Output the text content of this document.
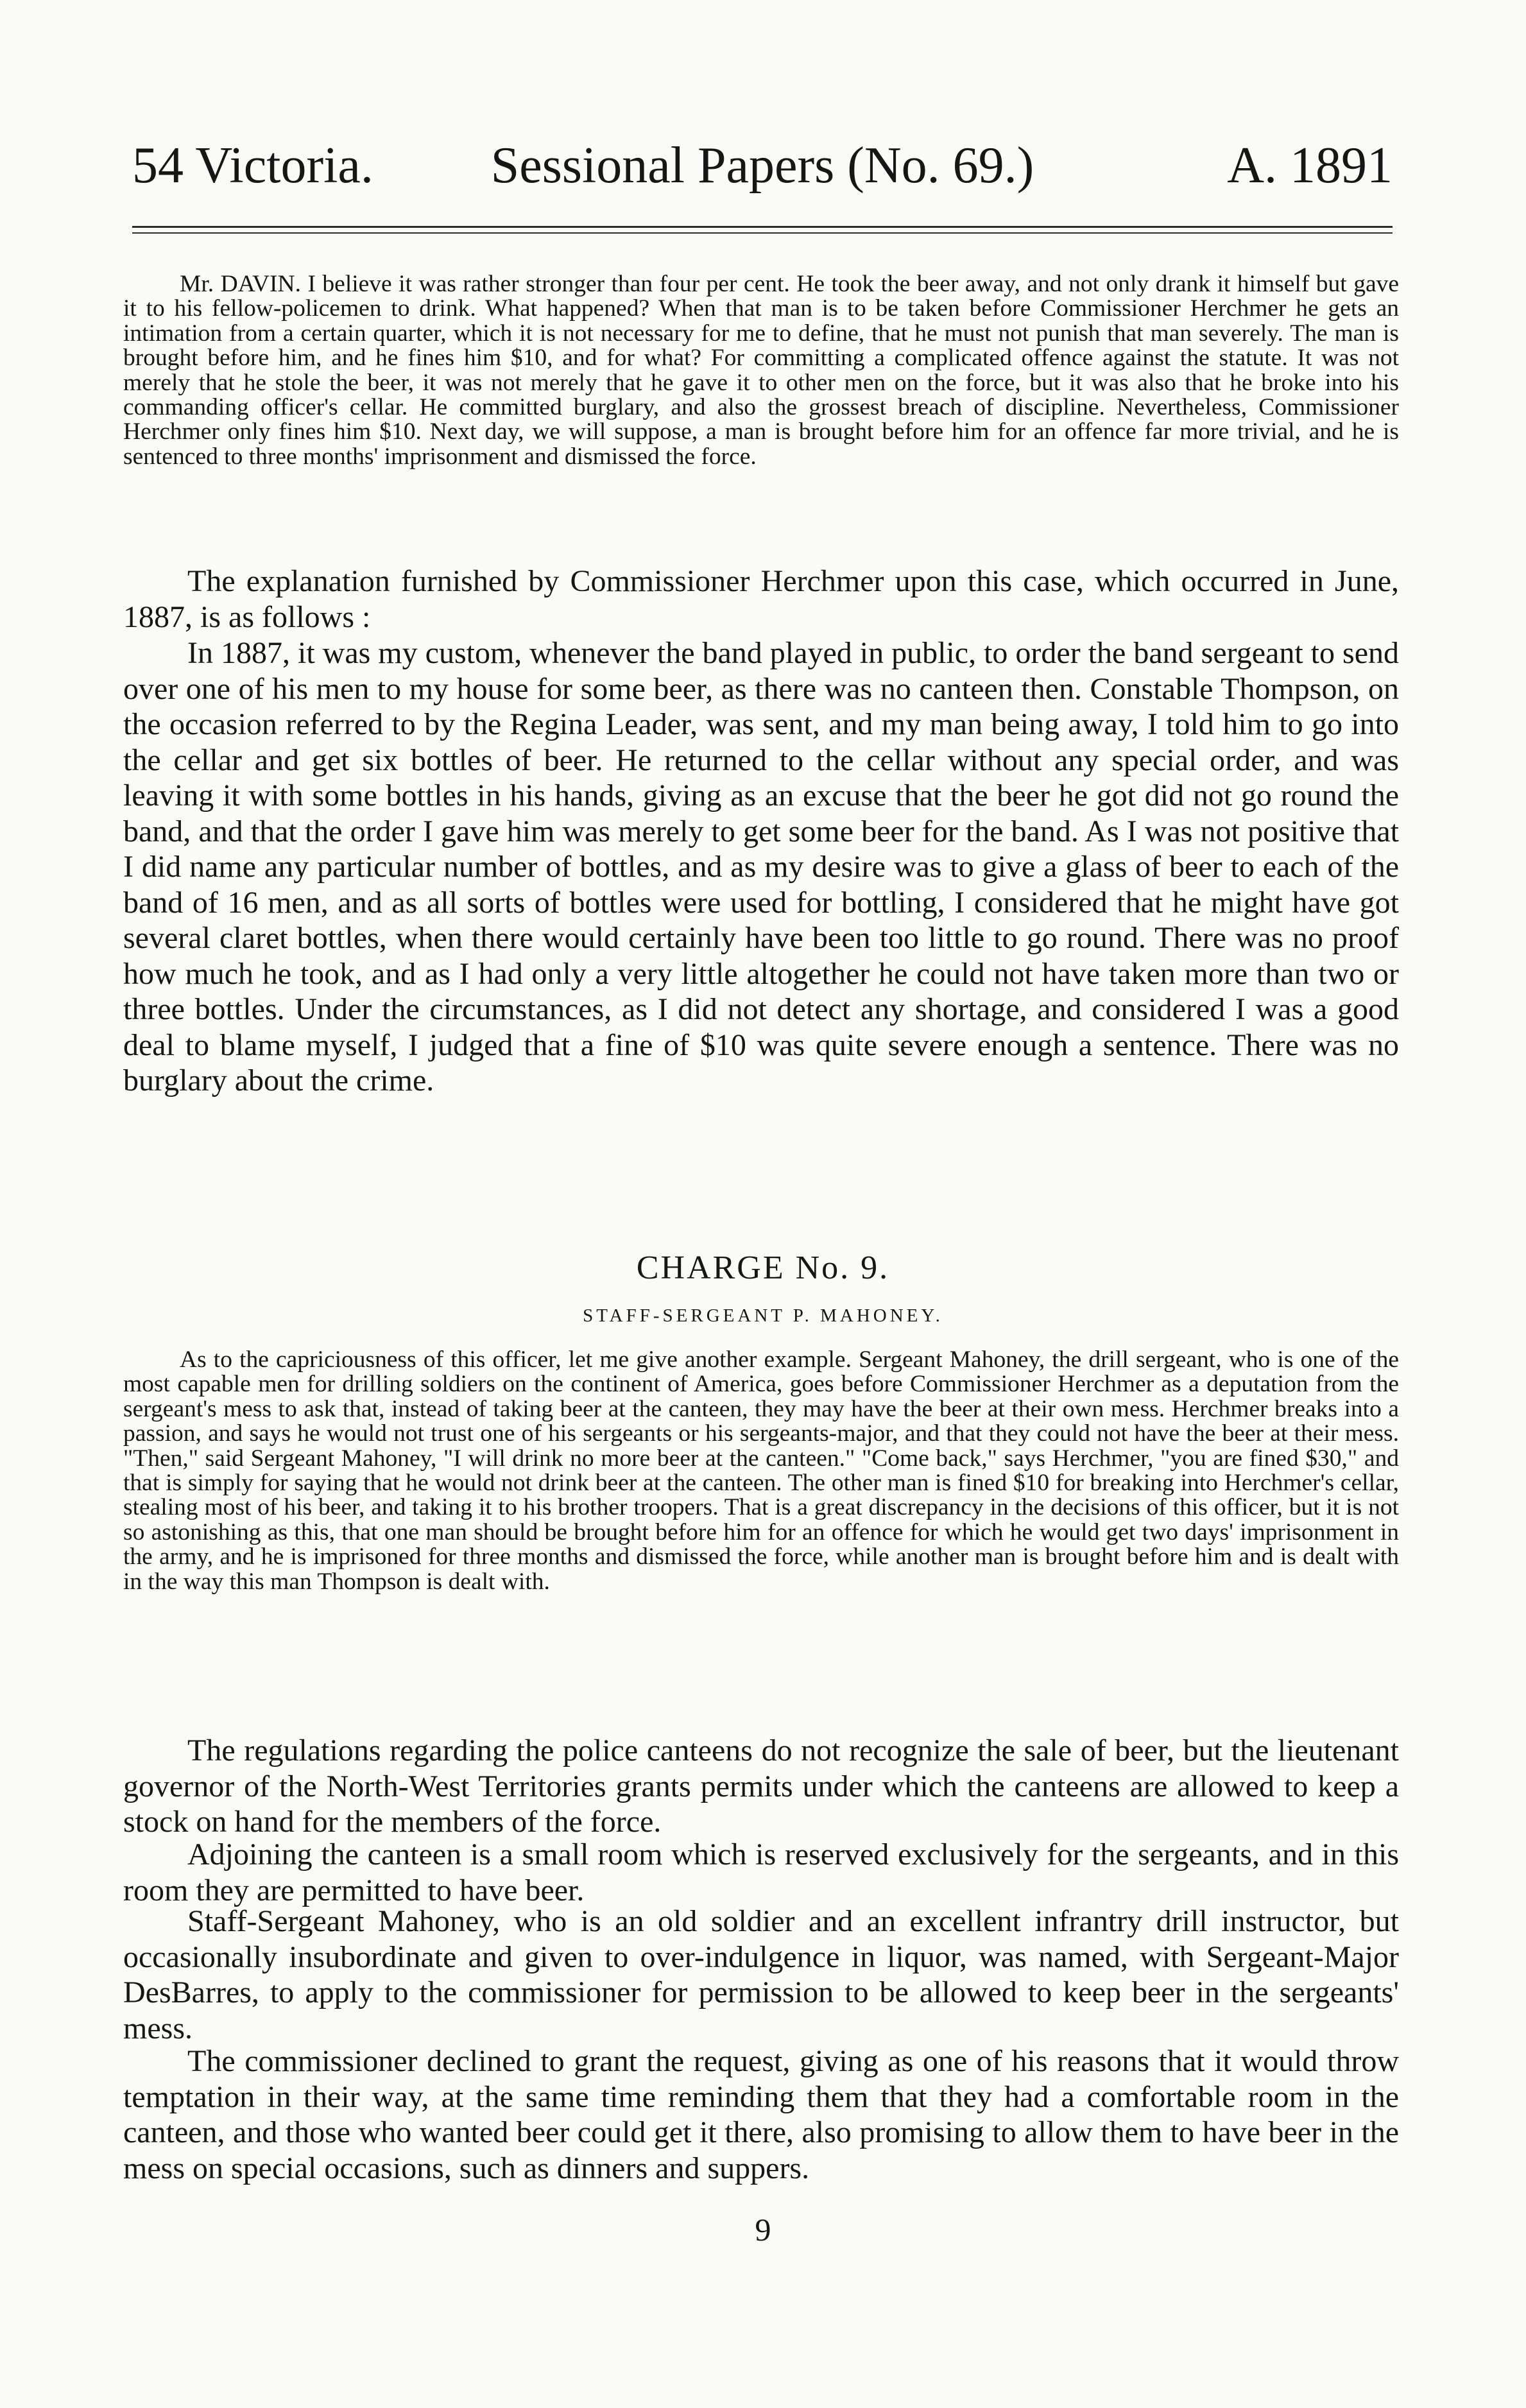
54 Victoria.	Sessional Papers (No. 69.)	A. 1891

Mr. DAVIN. I believe it was rather stronger than four per cent. He took the beer away, and not only drank it himself but gave it to his fellow-policemen to drink. What happened? When that man is to be taken before Commissioner Herchmer he gets an intimation from a certain quarter, which it is not necessary for me to define, that he must not punish that man severely. The man is brought before him, and he fines him $10, and for what? For committing a complicated offence against the statute. It was not merely that he stole the beer, it was not merely that he gave it to other men on the force, but it was also that he broke into his commanding officer's cellar. He committed burglary, and also the grossest breach of discipline. Nevertheless, Commissioner Herchmer only fines him $10. Next day, we will suppose, a man is brought before him for an offence far more trivial, and he is sentenced to three months' imprisonment and dismissed the force.

The explanation furnished by Commissioner Herchmer upon this case, which occurred in June, 1887, is as follows :

In 1887, it was my custom, whenever the band played in public, to order the band sergeant to send over one of his men to my house for some beer, as there was no canteen then. Constable Thompson, on the occasion referred to by the Regina Leader, was sent, and my man being away, I told him to go into the cellar and get six bottles of beer. He returned to the cellar without any special order, and was leaving it with some bottles in his hands, giving as an excuse that the beer he got did not go round the band, and that the order I gave him was merely to get some beer for the band. As I was not positive that I did name any particular number of bottles, and as my desire was to give a glass of beer to each of the band of 16 men, and as all sorts of bottles were used for bottling, I considered that he might have got several claret bottles, when there would certainly have been too little to go round. There was no proof how much he took, and as I had only a very little altogether he could not have taken more than two or three bottles. Under the circumstances, as I did not detect any shortage, and considered I was a good deal to blame myself, I judged that a fine of $10 was quite severe enough a sentence. There was no burglary about the crime.

CHARGE No. 9.
STAFF-SERGEANT P. MAHONEY.

As to the capriciousness of this officer, let me give another example. Sergeant Mahoney, the drill sergeant, who is one of the most capable men for drilling soldiers on the continent of America, goes before Commissioner Herchmer as a deputation from the sergeant's mess to ask that, instead of taking beer at the canteen, they may have the beer at their own mess. Herchmer breaks into a passion, and says he would not trust one of his sergeants or his sergeants-major, and that they could not have the beer at their mess. "Then," said Sergeant Mahoney, "I will drink no more beer at the canteen." "Come back," says Herchmer, "you are fined $30," and that is simply for saying that he would not drink beer at the canteen. The other man is fined $10 for breaking into Herchmer's cellar, stealing most of his beer, and taking it to his brother troopers. That is a great discrepancy in the decisions of this officer, but it is not so astonishing as this, that one man should be brought before him for an offence for which he would get two days' imprisonment in the army, and he is imprisoned for three months and dismissed the force, while another man is brought before him and is dealt with in the way this man Thompson is dealt with.

The regulations regarding the police canteens do not recognize the sale of beer, but the lieutenant governor of the North-West Territories grants permits under which the canteens are allowed to keep a stock on hand for the members of the force.

Adjoining the canteen is a small room which is reserved exclusively for the sergeants, and in this room they are permitted to have beer.

Staff-Sergeant Mahoney, who is an old soldier and an excellent infrantry drill instructor, but occasionally insubordinate and given to over-indulgence in liquor, was named, with Sergeant-Major DesBarres, to apply to the commissioner for permission to be allowed to keep beer in the sergeants' mess.

The commissioner declined to grant the request, giving as one of his reasons that it would throw temptation in their way, at the same time reminding them that they had a comfortable room in the canteen, and those who wanted beer could get it there, also promising to allow them to have beer in the mess on special occasions, such as dinners and suppers.

9
